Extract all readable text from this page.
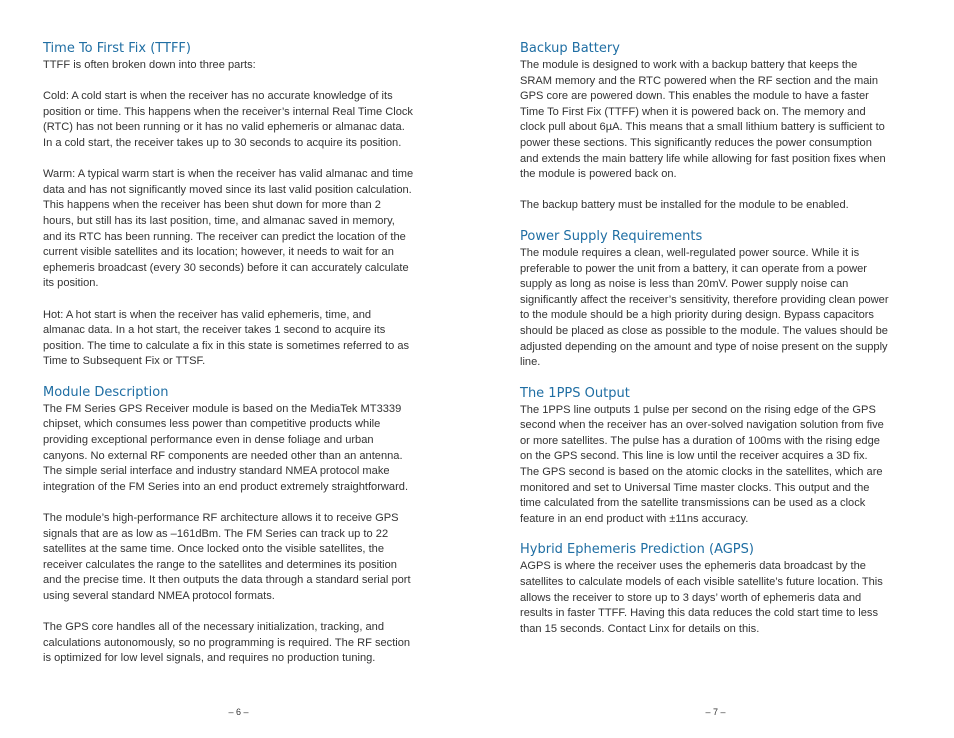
Time To First Fix (TTFF)

TTFF is often broken down into three parts:

Cold: A cold start is when the receiver has no accurate knowledge of its
position or time. This happens when the receiver’s internal Real Time Clock
(RTC) has not been running or it has no valid ephemeris or almanac data.
In a cold start, the receiver takes up to 30 seconds to acquire its position.

Warm: A typical warm start is when the receiver has valid almanac and time
data and has not significantly moved since its last valid position calculation.
This happens when the receiver has been shut down for more than 2
hours, but still has its last position, time, and almanac saved in memory,
and its RTC has been running. The receiver can predict the location of the
current visible satellites and its location; however, it needs to wait for an
ephemeris broadcast (every 30 seconds) before it can accurately calculate
its position.

Hot: A hot start is when the receiver has valid ephemeris, time, and
almanac data. In a hot start, the receiver takes 1 second to acquire its
position. The time to calculate a fix in this state is sometimes referred to as
Time to Subsequent Fix or TTSF.

Module Description

The FM Series GPS Receiver module is based on the MediaTek MT3339
chipset, which consumes less power than competitive products while
providing exceptional performance even in dense foliage and urban
canyons. No external RF components are needed other than an antenna.
The simple serial interface and industry standard NMEA protocol make
integration of the FM Series into an end product extremely straightforward.

The module’s high-performance RF architecture allows it to receive GPS
signals that are as low as –161dBm. The FM Series can track up to 22
satellites at the same time. Once locked onto the visible satellites, the
receiver calculates the range to the satellites and determines its position
and the precise time. It then outputs the data through a standard serial port
using several standard NMEA protocol formats.

The GPS core handles all of the necessary initialization, tracking, and
calculations autonomously, so no programming is required. The RF section
is optimized for low level signals, and requires no production tuning.

– 6 –
Backup Battery

The module is designed to work with a backup battery that keeps the
SRAM memory and the RTC powered when the RF section and the main
GPS core are powered down. This enables the module to have a faster
Time To First Fix (TTFF) when it is powered back on. The memory and
clock pull about 6µA. This means that a small lithium battery is sufficient to
power these sections. This significantly reduces the power consumption
and extends the main battery life while allowing for fast position fixes when
the module is powered back on.

The backup battery must be installed for the module to be enabled.

Power Supply Requirements

The module requires a clean, well-regulated power source. While it is
preferable to power the unit from a battery, it can operate from a power
supply as long as noise is less than 20mV. Power supply noise can
significantly affect the receiver’s sensitivity, therefore providing clean power
to the module should be a high priority during design. Bypass capacitors
should be placed as close as possible to the module. The values should be
adjusted depending on the amount and type of noise present on the supply
line.

The 1PPS Output

The 1PPS line outputs 1 pulse per second on the rising edge of the GPS
second when the receiver has an over-solved navigation solution from five
or more satellites. The pulse has a duration of 100ms with the rising edge
on the GPS second. This line is low until the receiver acquires a 3D fix.
The GPS second is based on the atomic clocks in the satellites, which are
monitored and set to Universal Time master clocks. This output and the
time calculated from the satellite transmissions can be used as a clock
feature in an end product with ±11ns accuracy.

Hybrid Ephemeris Prediction (AGPS)

AGPS is where the receiver uses the ephemeris data broadcast by the
satellites to calculate models of each visible satellite’s future location. This
allows the receiver to store up to 3 days’ worth of ephemeris data and
results in faster TTFF. Having this data reduces the cold start time to less
than 15 seconds. Contact Linx for details on this.

– 7 –
